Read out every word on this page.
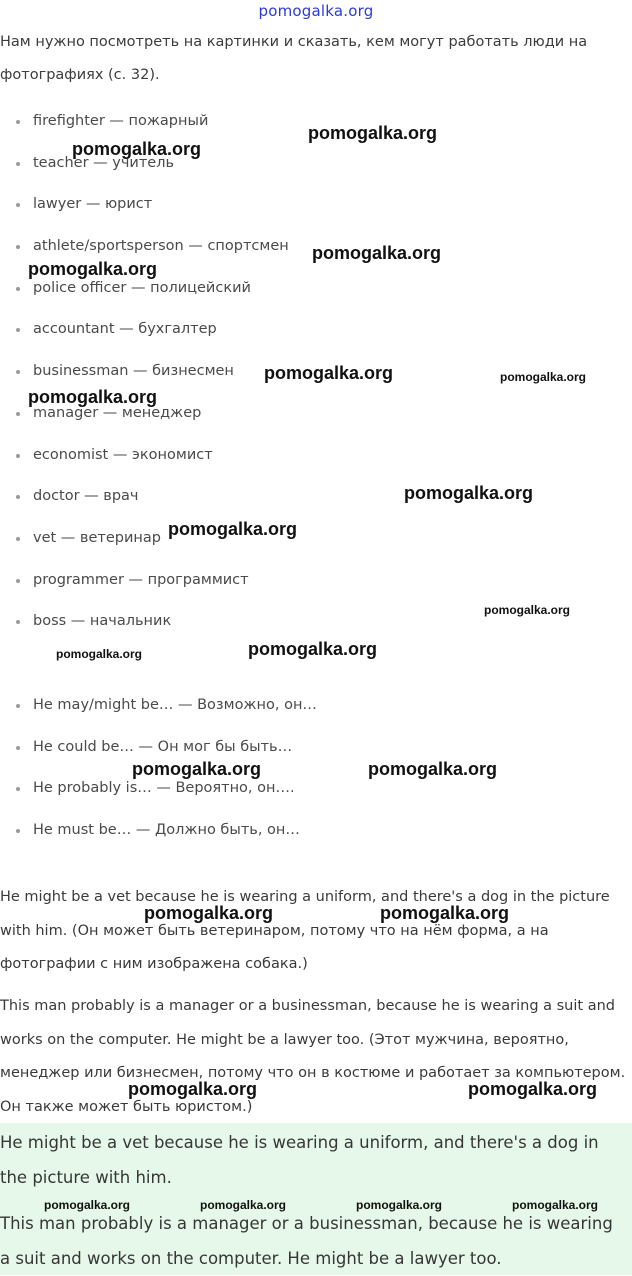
pomogalka.org
Нам нужно посмотреть на картинки и сказать, кем могут работать люди на фотографиях (с. 32).
firefighter — пожарный
teacher — учитель
lawyer — юрист
athlete/sportsperson — спортсмен
police officer — полицейский
accountant — бухгалтер
businessman — бизнесмен
manager — менеджер
economist — экономист
doctor — врач
vet — ветеринар
programmer — программист
boss — начальник
He may/might be… — Возможно, он…
He could be… — Он мог бы быть…
He probably is… — Вероятно, он….
He must be… — Должно быть, он…

He might be a vet because he is wearing a uniform, and there's a dog in the picture with him. (Он может быть ветеринаром, потому что на нём форма, а на фотографии с ним изображена собака.)

This man probably is a manager or a businessman, because he is wearing a suit and works on the computer. He might be a lawyer too. (Этот мужчина, вероятно, менеджер или бизнесмен, потому что он в костюме и работает за компьютером. Он также может быть юристом.)

He might be a vet because he is wearing a uniform, and there's a dog in the picture with him.

This man probably is a manager or a businessman, because he is wearing a suit and works on the computer. He might be a lawyer too.

pomogalka.org
pomogalka.org
pomogalka.org
pomogalka.org
pomogalka.org	pomogalka.org
pomogalka.org
pomogalka.org
pomogalka.org
pomogalka.org
pomogalka.org
pomogalka.org
pomogalka.org	pomogalka.org
pomogalka.org	pomogalka.org
pomogalka.org	pomogalka.org
pomogalka.org	pomogalka.org	pomogalka.org	pomogalka.org
